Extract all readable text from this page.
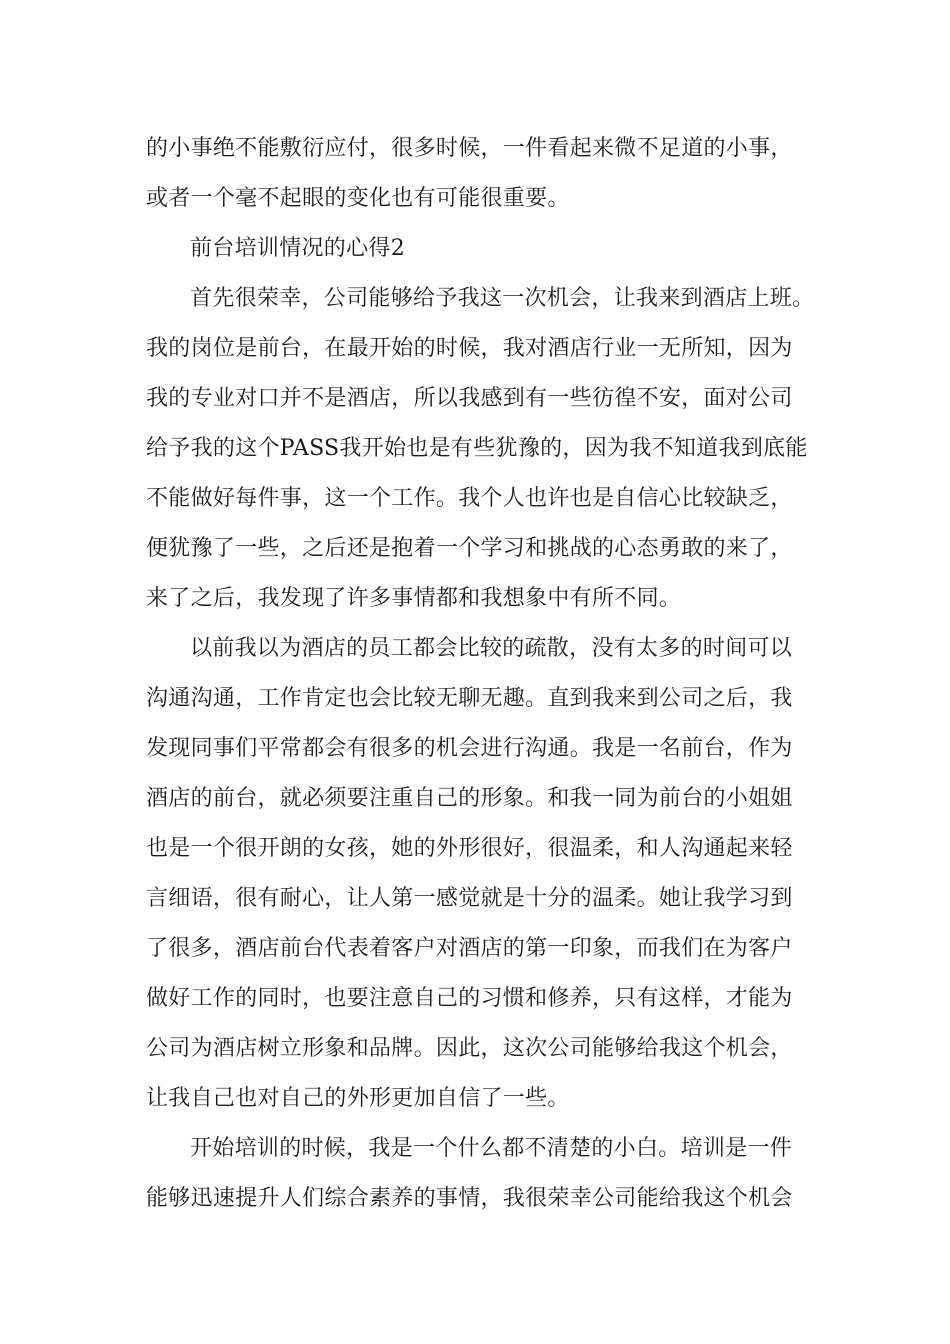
的小事绝不能敷衍应付，很多时候，一件看起来微不足道的小事，
或者一个毫不起眼的变化也有可能很重要。
前台培训情况的心得2
首先很荣幸，公司能够给予我这一次机会，让我来到酒店上班。
我的岗位是前台，在最开始的时候，我对酒店行业一无所知，因为
我的专业对口并不是酒店，所以我感到有一些彷徨不安，面对公司
给予我的这个PASS我开始也是有些犹豫的，因为我不知道我到底能
不能做好每件事，这一个工作。我个人也许也是自信心比较缺乏，
便犹豫了一些，之后还是抱着一个学习和挑战的心态勇敢的来了，
来了之后，我发现了许多事情都和我想象中有所不同。
以前我以为酒店的员工都会比较的疏散，没有太多的时间可以
沟通沟通，工作肯定也会比较无聊无趣。直到我来到公司之后，我
发现同事们平常都会有很多的机会进行沟通。我是一名前台，作为
酒店的前台，就必须要注重自己的形象。和我一同为前台的小姐姐
也是一个很开朗的女孩，她的外形很好，很温柔，和人沟通起来轻
言细语，很有耐心，让人第一感觉就是十分的温柔。她让我学习到
了很多，酒店前台代表着客户对酒店的第一印象，而我们在为客户
做好工作的同时，也要注意自己的习惯和修养，只有这样，才能为
公司为酒店树立形象和品牌。因此，这次公司能够给我这个机会，
让我自己也对自己的外形更加自信了一些。
开始培训的时候，我是一个什么都不清楚的小白。培训是一件
能够迅速提升人们综合素养的事情，我很荣幸公司能给我这个机会
